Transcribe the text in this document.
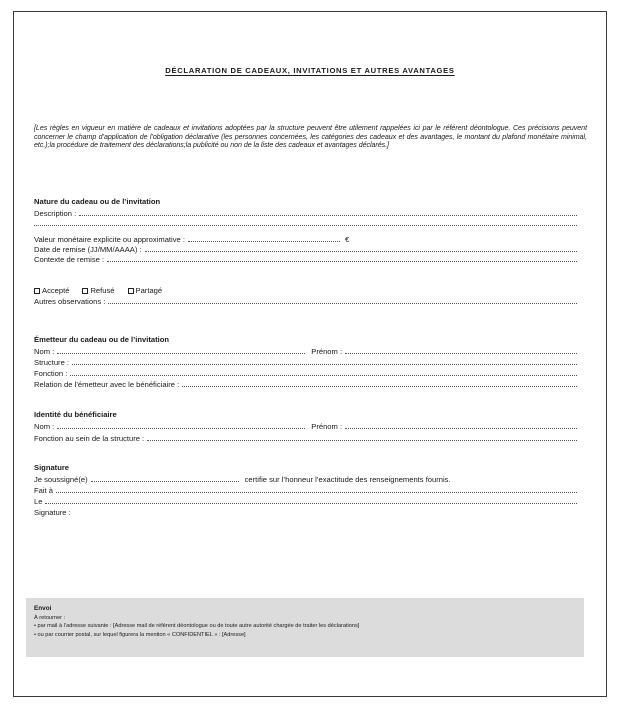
DÉCLARATION DE CADEAUX, INVITATIONS ET AUTRES AVANTAGES
[Les règles en vigueur en matière de cadeaux et invitations adoptées par la structure peuvent être utilement rappelées ici par le référent déontologue. Ces précisions peuvent concerner le champ d’application de l’obligation déclarative (les personnes concernées, les catégories des cadeaux et des avantages, le montant du plafond monétaire minimal, etc.);la procédure de traitement des déclarations;la publicité ou non de la liste des cadeaux et avantages déclarés.]
Nature du cadeau ou de l’invitation
Description :
Valeur monétaire explicite ou approximative :	€
Date de remise (JJ/MM/AAAA) :
Contexte de remise :
Accepté	Refusé	Partagé
Autres observations :
Émetteur du cadeau ou de l’invitation
Nom :	Prénom :
Structure :
Fonction :
Relation de l’émetteur avec le bénéficiaire :
Identité du bénéficiaire
Nom :	Prénom :
Fonction au sein de la structure :
Signature
Je soussigné(e)	certifie sur l’honneur l’exactitude des renseignements fournis.
Fait à
Le
Signature :
Envoi
À retourner :
• par mail à l’adresse suivante : [Adresse mail de référent déontologue ou de toute autre autorité chargée de traiter les déclarations]
• ou par courrier postal, sur lequel figurera la mention « CONFIDENTIEL » : [Adresse]
